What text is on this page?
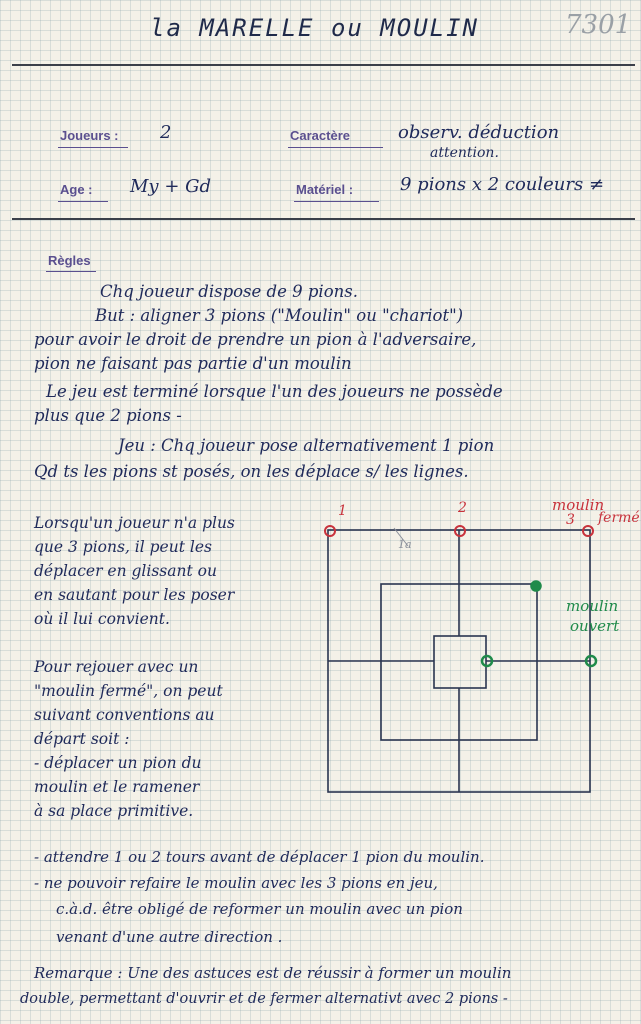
la MARELLE ou MOULIN	7301
Joueurs : 2	Caractère	observ. déduction
attention.
Age : My + Gd	Matériel :	9 pions x 2 couleurs ≠
Règles
Chq joueur dispose de 9 pions.
But : aligner 3 pions ("Moulin" ou "chariot")
pour avoir le droit de prendre un pion à l'adversaire,
pion ne faisant pas partie d'un moulin
Le jeu est terminé lorsque l'un des joueurs ne possède
plus que 2 pions -
Jeu : Chq joueur pose alternativement 1 pion
Qd ts les pions st posés, on les déplace s/ les lignes.
Lorsqu'un joueur n'a plus
que 3 pions, il peut les
déplacer en glissant ou
en sautant pour les poser
où il lui convient.
Pour rejouer avec un
"moulin fermé", on peut
suivant conventions au
départ soit :
- déplacer un pion du
moulin et le ramener
à sa place primitive.
- attendre 1 ou 2 tours avant de déplacer 1 pion du moulin.
- ne pouvoir refaire le moulin avec les 3 pions en jeu,
c.à.d. être obligé de reformer un moulin avec un pion
venant d'une autre direction .
Remarque : Une des astuces est de réussir à former un moulin
double, permettant d'ouvrir et de fermer alternativt avec 2 pions -
1	2
3
moulin
fermé
moulin
ouvert
1a
